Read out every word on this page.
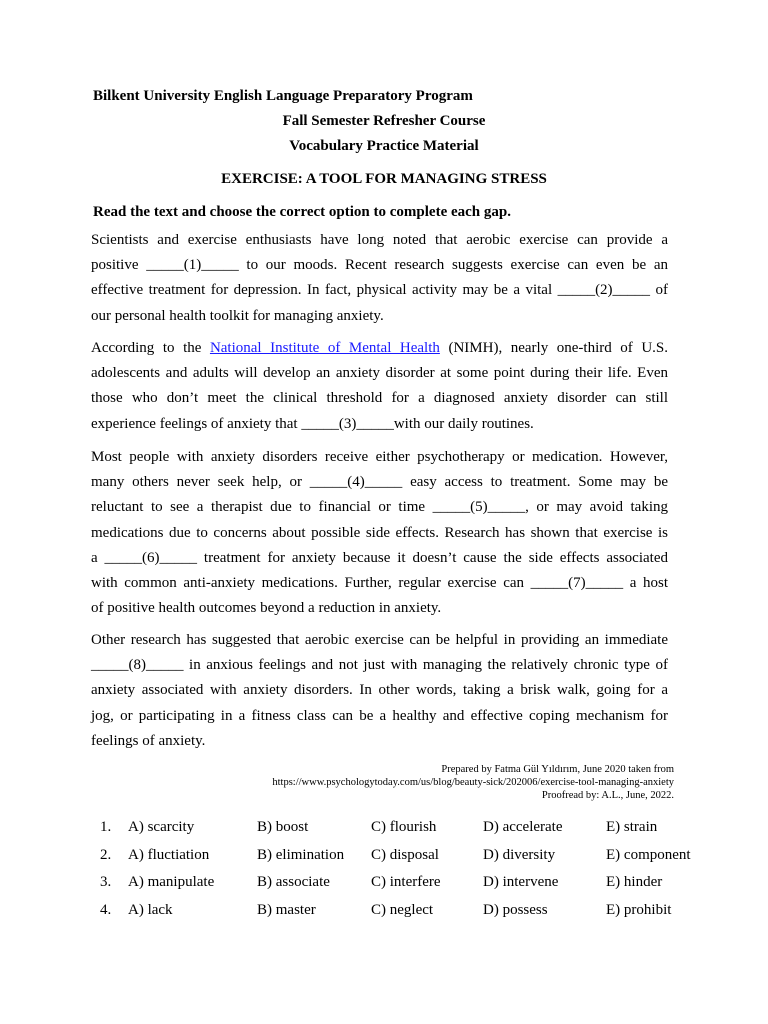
Bilkent University English Language Preparatory Program
Fall Semester Refresher Course
Vocabulary Practice Material
EXERCISE: A TOOL FOR MANAGING STRESS
Read the text and choose the correct option to complete each gap.
Scientists and exercise enthusiasts have long noted that aerobic exercise can provide a
positive _____(1)_____ to our moods. Recent research suggests exercise can even be an
effective treatment for depression. In fact, physical activity may be a vital _____(2)_____ of
our personal health toolkit for managing anxiety.
According to the National Institute of Mental Health (NIMH), nearly one-third of U.S.
adolescents and adults will develop an anxiety disorder at some point during their life. Even
those who don’t meet the clinical threshold for a diagnosed anxiety disorder can still
experience feelings of anxiety that _____(3)_____with our daily routines.
Most people with anxiety disorders receive either psychotherapy or medication. However,
many others never seek help, or _____(4)_____ easy access to treatment. Some may be
reluctant to see a therapist due to financial or time _____(5)_____, or may avoid taking
medications due to concerns about possible side effects. Research has shown that exercise is
a _____(6)_____ treatment for anxiety because it doesn’t cause the side effects associated
with common anti-anxiety medications. Further, regular exercise can _____(7)_____ a host
of positive health outcomes beyond a reduction in anxiety.
Other research has suggested that aerobic exercise can be helpful in providing an immediate
_____(8)_____ in anxious feelings and not just with managing the relatively chronic type of
anxiety associated with anxiety disorders. In other words, taking a brisk walk, going for a
jog, or participating in a fitness class can be a healthy and effective coping mechanism for
feelings of anxiety.
Prepared by Fatma Gül Yıldırım, June 2020 taken from
https://www.psychologytoday.com/us/blog/beauty-sick/202006/exercise-tool-managing-anxiety
Proofread by: A.L., June, 2022.
1. A) scarcity	B) boost	C) flourish	D) accelerate	E) strain
2. A) fluctiation	B) elimination C) disposal	D) diversity	E) component
3. A) manipulate	B) associate	C) interfere	D) intervene	E) hinder
4. A) lack	B) master	C) neglect	D) possess	E) prohibit
